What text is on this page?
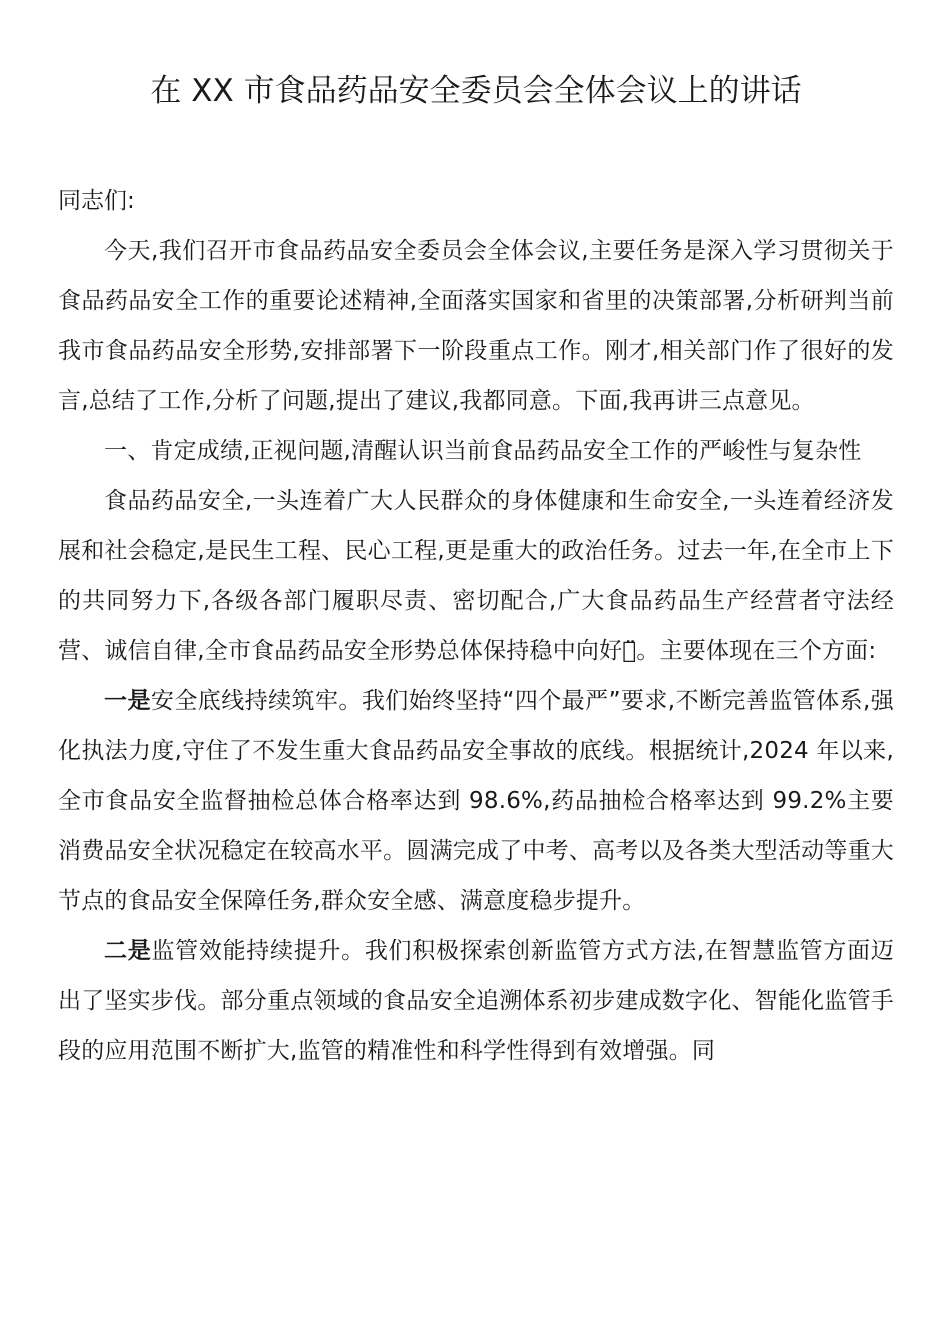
在 XX 市食品药品安全委员会全体会议上的讲话

同志们:

今天,我们召开市食品药品安全委员会全体会议,主要任务是深入学习贯彻关于食品药品安全工作的重要论述精神,全面落实国家和省里的决策部署,分析研判当前我市食品药品安全形势,安排部署下一阶段重点工作。刚才,相关部门作了很好的发言,总结了工作,分析了问题,提出了建议,我都同意。下面,我再讲三点意见。

一、肯定成绩,正视问题,清醒认识当前食品药品安全工作的严峻性与复杂性

食品药品安全,一头连着广大人民群众的身体健康和生命安全,一头连着经济发展和社会稳定,是民生工程、民心工程,更是重大的政治任务。过去一年,在全市上下的共同努力下,各级各部门履职尽责、密切配合,广大食品药品生产经营者守法经营、诚信自律,全市食品药品安全形势总体保持稳中向好态̈。主要体现在三个方面:

一是安全底线持续筑牢。我们始终坚持“四个最严”要求,不断完善监管体系,强化执法力度,守住了不发生重大食品药品安全事故的底线。根据统计,2024 年以来,全市食品安全监督抽检总体合格率达到 98.6%,药品抽检合格率达到 99.2%主要消费品安全状况稳定在较高水平。圆满完成了中考、高考以及各类大型活动等重大节点的食品安全保障任务,群众安全感、满意度稳步提升。

二是监管效能持续提升。我们积极探索创新监管方式方法,在智慧监管方面迈出了坚实步伐。部分重点领域的食品安全追溯体系初步建成数字化、智能化监管手段的应用范围不断扩大,监管的精准性和科学性得到有效增强。同
